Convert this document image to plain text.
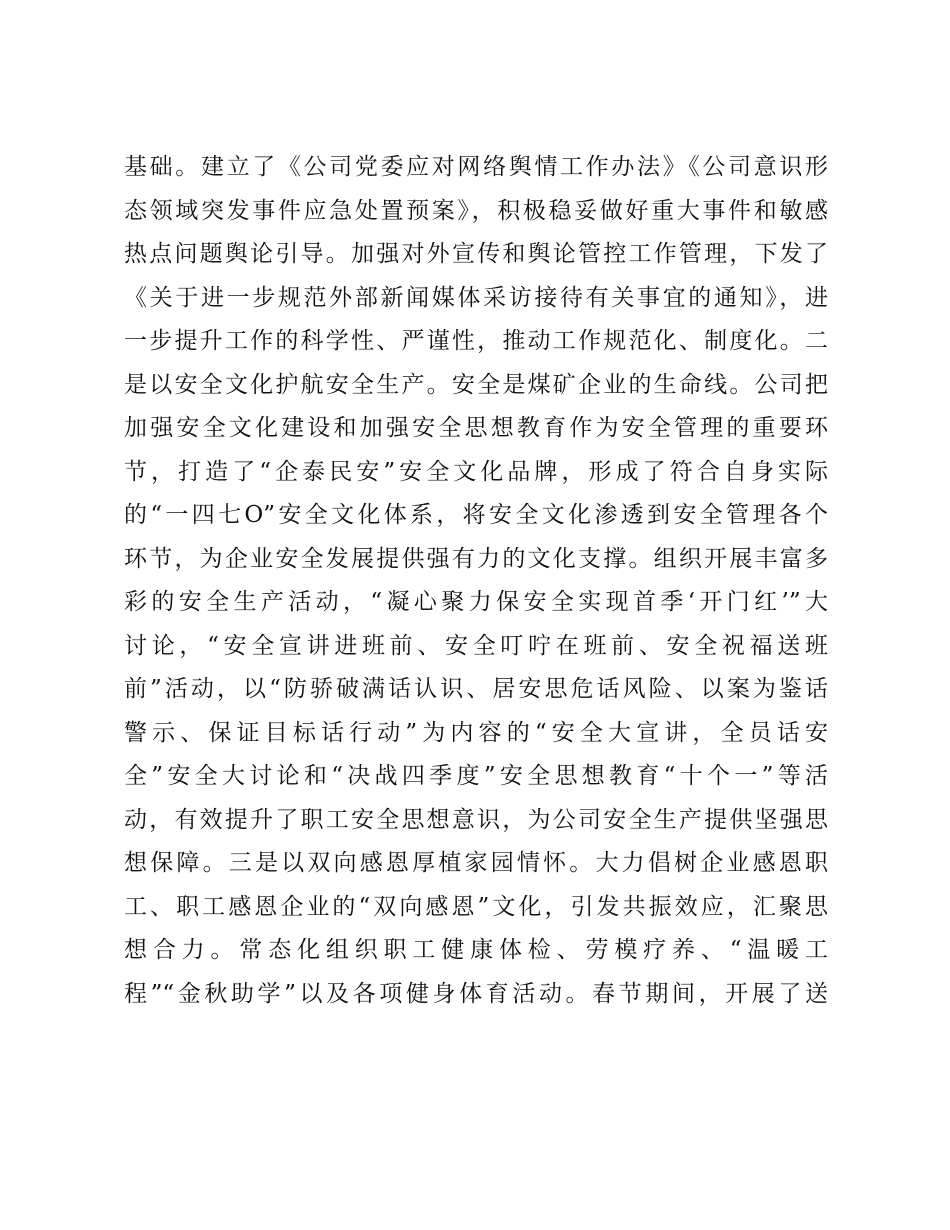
基础。建立了《公司党委应对网络舆情工作办法》《公司意识形
态领域突发事件应急处置预案》，积极稳妥做好重大事件和敏感
热点问题舆论引导。加强对外宣传和舆论管控工作管理，下发了
《关于进一步规范外部新闻媒体采访接待有关事宜的通知》，进
一步提升工作的科学性、严谨性，推动工作规范化、制度化。二
是以安全文化护航安全生产。安全是煤矿企业的生命线。公司把
加强安全文化建设和加强安全思想教育作为安全管理的重要环
节，打造了“企泰民安”安全文化品牌，形成了符合自身实际
的“一四七O”安全文化体系，将安全文化渗透到安全管理各个
环节，为企业安全发展提供强有力的文化支撑。组织开展丰富多
彩的安全生产活动，“凝心聚力保安全实现首季‘开门红’”大
讨论，“安全宣讲进班前、安全叮咛在班前、安全祝福送班
前”活动，以“防骄破满话认识、居安思危话风险、以案为鉴话
警示、保证目标话行动”为内容的“安全大宣讲，全员话安
全”安全大讨论和“决战四季度”安全思想教育“十个一”等活
动，有效提升了职工安全思想意识，为公司安全生产提供坚强思
想保障。三是以双向感恩厚植家园情怀。大力倡树企业感恩职
工、职工感恩企业的“双向感恩”文化，引发共振效应，汇聚思
想合力。常态化组织职工健康体检、劳模疗养、“温暖工
程”“金秋助学”以及各项健身体育活动。春节期间，开展了送
